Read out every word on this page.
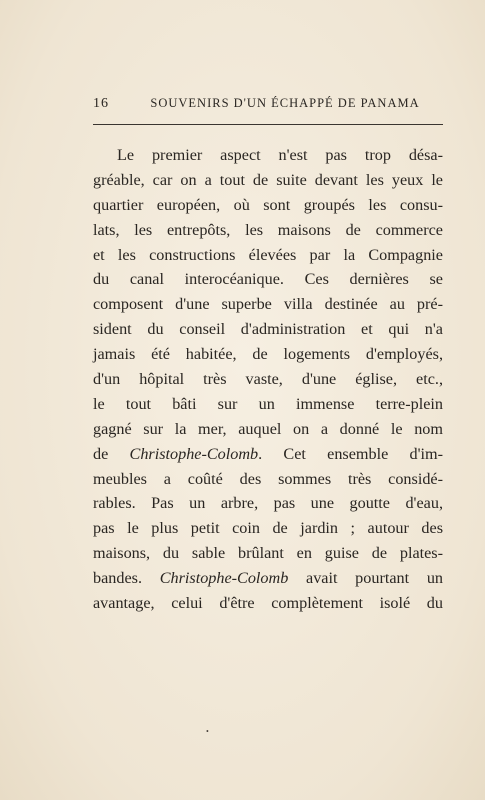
16	SOUVENIRS D'UN ÉCHAPPÉ DE PANAMA
Le premier aspect n'est pas trop désa-
gréable, car on a tout de suite devant les yeux le
quartier européen, où sont groupés les consu-
lats, les entrepôts, les maisons de commerce
et les constructions élevées par la Compagnie
du canal interocéanique. Ces dernières se
composent d'une superbe villa destinée au pré-
sident du conseil d'administration et qui n'a
jamais été habitée, de logements d'employés,
d'un hôpital très vaste, d'une église, etc.,
le tout bâti sur un immense terre-plein
gagné sur la mer, auquel on a donné le nom
de Christophe-Colomb. Cet ensemble d'im-
meubles a coûté des sommes très considé-
rables. Pas un arbre, pas une goutte d'eau,
pas le plus petit coin de jardin ; autour des
maisons, du sable brûlant en guise de plates-
bandes. Christophe-Colomb avait pourtant un
avantage, celui d'être complètement isolé du
•
